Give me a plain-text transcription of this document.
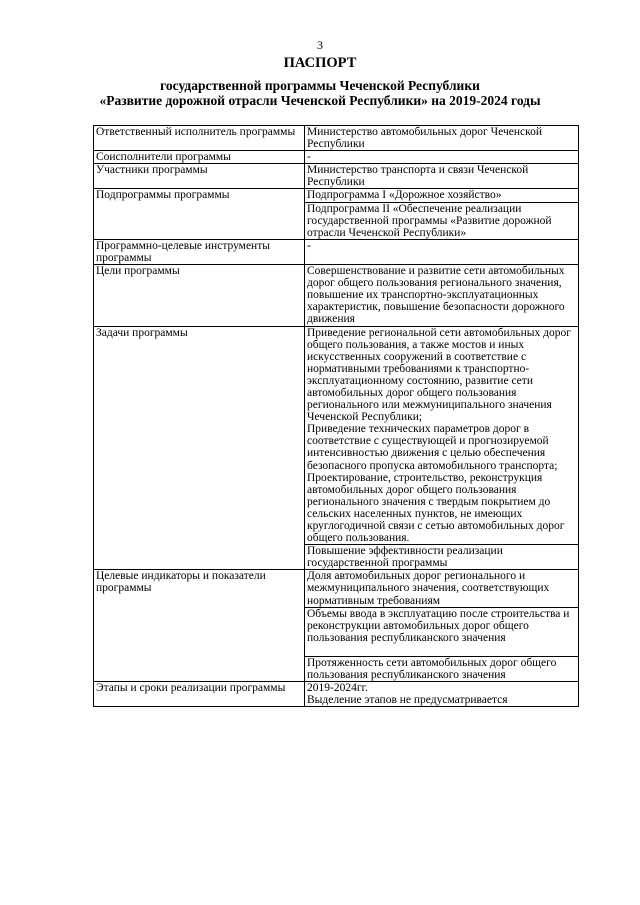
3
ПАСПОРТ
государственной программы Чеченской Республики
«Развитие дорожной отрасли Чеченской Республики» на 2019-2024 годы
Ответственный исполнитель программы	Министерство автомобильных дорог Чеченской Республики
Соисполнители программы	-
Участники программы	Министерство транспорта и связи Чеченской Республики
Подпрограммы программы	Подпрограмма I «Дорожное хозяйство»
	Подпрограмма II «Обеспечение реализации государственной программы «Развитие дорожной отрасли Чеченской Республики»
Программно-целевые инструменты программы	-
Цели программы	Совершенствование и развитие сети автомобильных дорог общего пользования регионального значения, повышение их транспортно-эксплуатационных характеристик, повышение безопасности дорожного движения
Задачи программы	Приведение региональной сети автомобильных дорог общего пользования, а также мостов и иных искусственных сооружений в соответствие с нормативными требованиями к транспортно-эксплуатационному состоянию, развитие сети автомобильных дорог общего пользования регионального или межмуниципального значения Чеченской Республики;
Приведение технических параметров дорог в соответствие с существующей и прогнозируемой интенсивностью движения с целью обеспечения безопасного пропуска автомобильного транспорта;
Проектирование, строительство, реконструкция автомобильных дорог общего пользования регионального значения с твердым покрытием до сельских населенных пунктов, не имеющих круглогодичной связи с сетью автомобильных дорог общего пользования.

	Повышение эффективности реализации государственной программы
Целевые индикаторы и показатели программы	Доля автомобильных дорог регионального и межмуниципального значения, соответствующих нормативным требованиям

	Объемы ввода в эксплуатацию после строительства и реконструкции автомобильных дорог общего пользования республиканского значения

	Протяженность сети автомобильных дорог общего пользования республиканского значения
Этапы и сроки реализации программы	2019-2024гг.
Выделение этапов не предусматривается
